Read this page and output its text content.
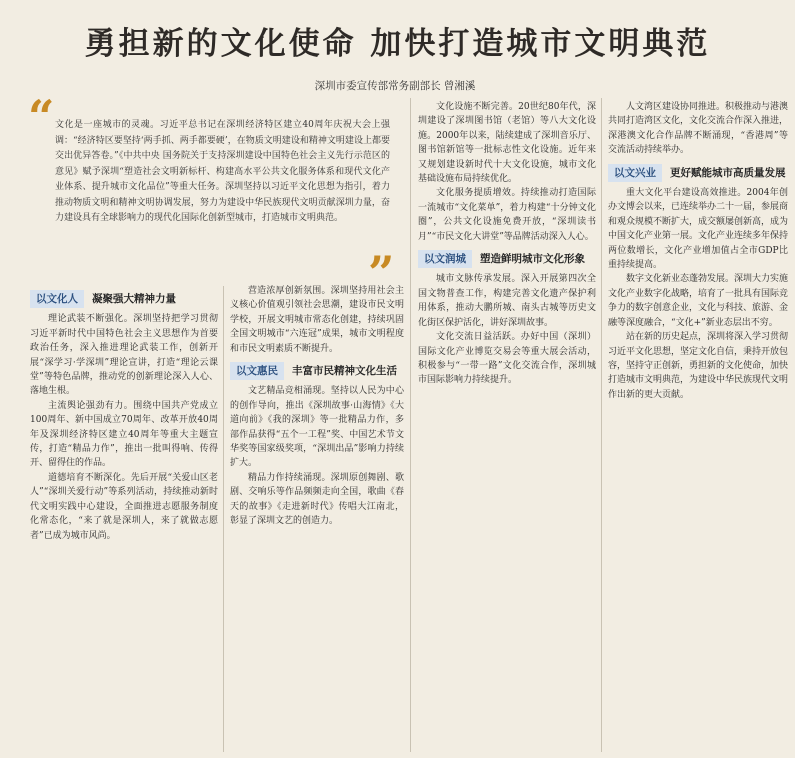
勇担新的文化使命 加快打造城市文明典范
深圳市委宣传部常务副部长 曾湘溪
“ 文化是一座城市的灵魂。习近平总书记在深圳经济特区建立40周年庆祝大会上强调：“经济特区要坚持‘两手抓、两手都要硬’，在物质文明建设和精神文明建设上都要交出优异答卷。”《中共中央 国务院关于支持深圳建设中国特色社会主义先行示范区的意见》赋予深圳“塑造社会文明新标杆、构建高水平公共文化服务体系和现代文化产业体系、提升城市文化品位”等重大任务。深圳坚持以习近平文化思想为指引，着力推动物质文明和精神文明协调发展，努力为建设中华民族现代文明贡献深圳力量，奋力建设具有全球影响力的现代化国际化创新型城市，打造城市文明典范。
”
以文化人	凝聚强大精神力量

理论武装不断强化。深圳坚持把学习贯彻习近平新时代中国特色社会主义思想作为首要政治任务，深入推进理论武装工作，创新开展“深学习·学深圳”理论宣讲，打造“理论云课堂”等特色品牌，推动党的创新理论深入人心、落地生根。

主流舆论强劲有力。围绕中国共产党成立100周年、新中国成立70周年、改革开放40周年及深圳经济特区建立40周年等重大主题宣传，打造“精品力作”，推出一批叫得响、传得开、留得住的作品。

道德培育不断深化。先后开展“关爱山区老人”“深圳关爱行动”等系列活动，持续推动新时代文明实践中心建设，全面推进志愿服务制度化常态化，“来了就是深圳人，来了就做志愿者”已成为城市风尚。

营造浓厚创新氛围。深圳坚持用社会主义核心价值观引领社会思潮，建设市民文明学校，开展文明城市常态化创建，持续巩固全国文明城市“六连冠”成果，城市文明程度和市民文明素质不断提升。

以文惠民	丰富市民精神文化生活

文艺精品竞相涌现。坚持以人民为中心的创作导向，推出《深圳故事·山海情》《大道向前》《我的深圳》等一批精品力作，多部作品获得“五个一工程”奖、中国艺术节文华奖等国家级奖项，“深圳出品”影响力持续扩大。

精品力作持续涌现。深圳原创舞剧、歌剧、交响乐等作品频频走向全国，歌曲《春天的故事》《走进新时代》传唱大江南北，彰显了深圳文艺的创造力。

文化设施不断完善。20世纪80年代，深圳建设了深圳图书馆（老馆）等八大文化设施。2000年以来，陆续建成了深圳音乐厅、图书馆新馆等一批标志性文化设施。近年来又规划建设新时代十大文化设施，城市文化基础设施布局持续优化。

文化服务提质增效。持续推动打造国际一流城市“文化菜单”，着力构建“十分钟文化圈”，公共文化设施免费开放，“深圳读书月”“市民文化大讲堂”等品牌活动深入人心。

以文润城	塑造鲜明城市文化形象

城市文脉传承发展。深入开展第四次全国文物普查工作，构建完善文化遗产保护利用体系，推动大鹏所城、南头古城等历史文化街区保护活化，讲好深圳故事。

文化交流日益活跃。办好中国（深圳）国际文化产业博览交易会等重大展会活动，积极参与“一带一路”文化交流合作，深圳城市国际影响力持续提升。

人文湾区建设协同推进。积极推动与港澳共同打造湾区文化，文化交流合作深入推进，深港澳文化合作品牌不断涌现，“香港周”等交流活动持续举办。

以文兴业	更好赋能城市高质量发展

重大文化平台建设高效推进。2004年创办文博会以来，已连续举办二十一届，参展商和观众规模不断扩大，成交额屡创新高，成为中国文化产业第一展。文化产业连续多年保持两位数增长，文化产业增加值占全市GDP比重持续提高。

数字文化新业态蓬勃发展。深圳大力实施文化产业数字化战略，培育了一批具有国际竞争力的数字创意企业，文化与科技、旅游、金融等深度融合，“文化+”新业态层出不穷。

站在新的历史起点，深圳将深入学习贯彻习近平文化思想，坚定文化自信，秉持开放包容，坚持守正创新，勇担新的文化使命，加快打造城市文明典范，为建设中华民族现代文明作出新的更大贡献。
